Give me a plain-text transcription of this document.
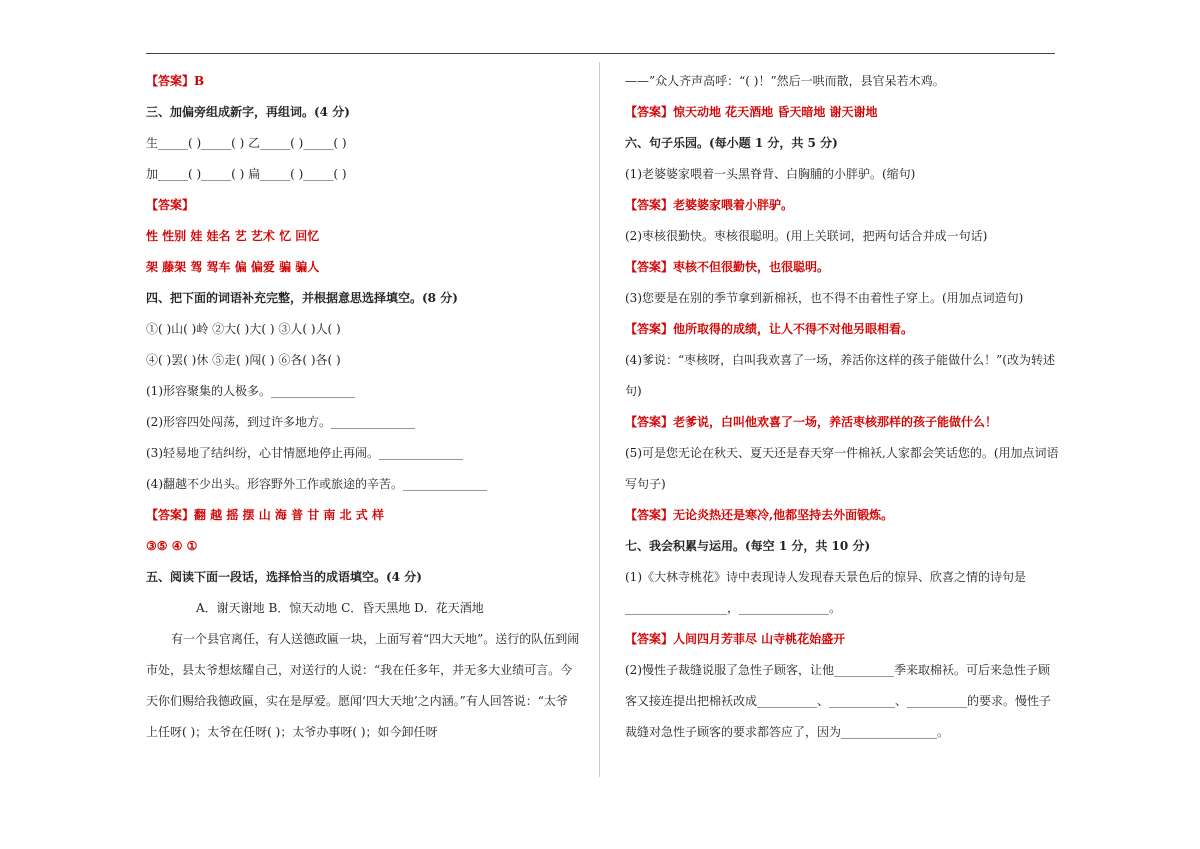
【答案】B
三、加偏旁组成新字，再组词。(4 分)
生_____( )_____( ) 乙_____( )_____( )
加_____( )_____( ) 扁_____( )_____( )
【答案】
性 性别 娃 娃名 艺 艺术 忆 回忆
架 藤架 驾 驾车 偏 偏爱 骗 骗人
四、把下面的词语补充完整，并根据意思选择填空。(8 分)
①( )山( )岭 ②大( )大( ) ③人( )人( )
④( )罢( )休 ⑤走( )闯( ) ⑥各( )各( )
(1)形容聚集的人极多。______________
(2)形容四处闯荡，到过许多地方。______________
(3)轻易地了结纠纷，心甘情愿地停止再闹。______________
(4)翻越不少出头。形容野外工作或旅途的辛苦。______________
【答案】翻 越 摇 摆 山 海 普 甘 南 北 式 样
③⑤ ④ ①
五、阅读下面一段话，选择恰当的成语填空。(4 分)
A．谢天谢地 B．惊天动地 C．昏天黑地 D．花天酒地
有一个县官离任，有人送德政匾一块，上面写着“四大天地”。送行的队伍到闹
市处，县太爷想炫耀自己，对送行的人说：“我在任多年，并无多大业绩可言。今
天你们赐给我德政匾，实在是厚爱。愿闻‘四大天地’之内涵。”有人回答说：“太爷
上任呀( )；太爷在任呀( )；太爷办事呀( )；如今卸任呀
——”众人齐声高呼：“( )！”然后一哄而散，县官呆若木鸡。
【答案】惊天动地 花天酒地 昏天暗地 谢天谢地
六、句子乐园。(每小题 1 分，共 5 分)
(1)老婆婆家喂着一头黑脊背、白胸脯的小胖驴。(缩句)
【答案】老婆婆家喂着小胖驴。
(2)枣核很勤快。枣核很聪明。(用上关联词，把两句话合并成一句话)
【答案】枣核不但很勤快，也很聪明。
(3)您要是在别的季节拿到新棉袄，也不得不由着性子穿上。(用加点词造句)
【答案】他所取得的成绩，让人不得不对他另眼相看。
(4)爹说：“枣核呀，白叫我欢喜了一场，养活你这样的孩子能做什么！”(改为转述
句)
【答案】老爹说，白叫他欢喜了一场，养活枣核那样的孩子能做什么！
(5)可是您无论在秋天、夏天还是春天穿一件棉袄,人家都会笑话您的。(用加点词语
写句子)
【答案】无论炎热还是寒冷,他都坚持去外面锻炼。
七、我会积累与运用。(每空 1 分，共 10 分)
(1)《大林寺桃花》诗中表现诗人发现春天景色后的惊异、欣喜之情的诗句是
_________________，_______________。
【答案】人间四月芳菲尽 山寺桃花始盛开
(2)慢性子裁缝说服了急性子顾客，让他__________季来取棉袄。可后来急性子顾
客又接连提出把棉袄改成__________、___________、__________的要求。慢性子
裁缝对急性子顾客的要求都答应了，因为________________。
